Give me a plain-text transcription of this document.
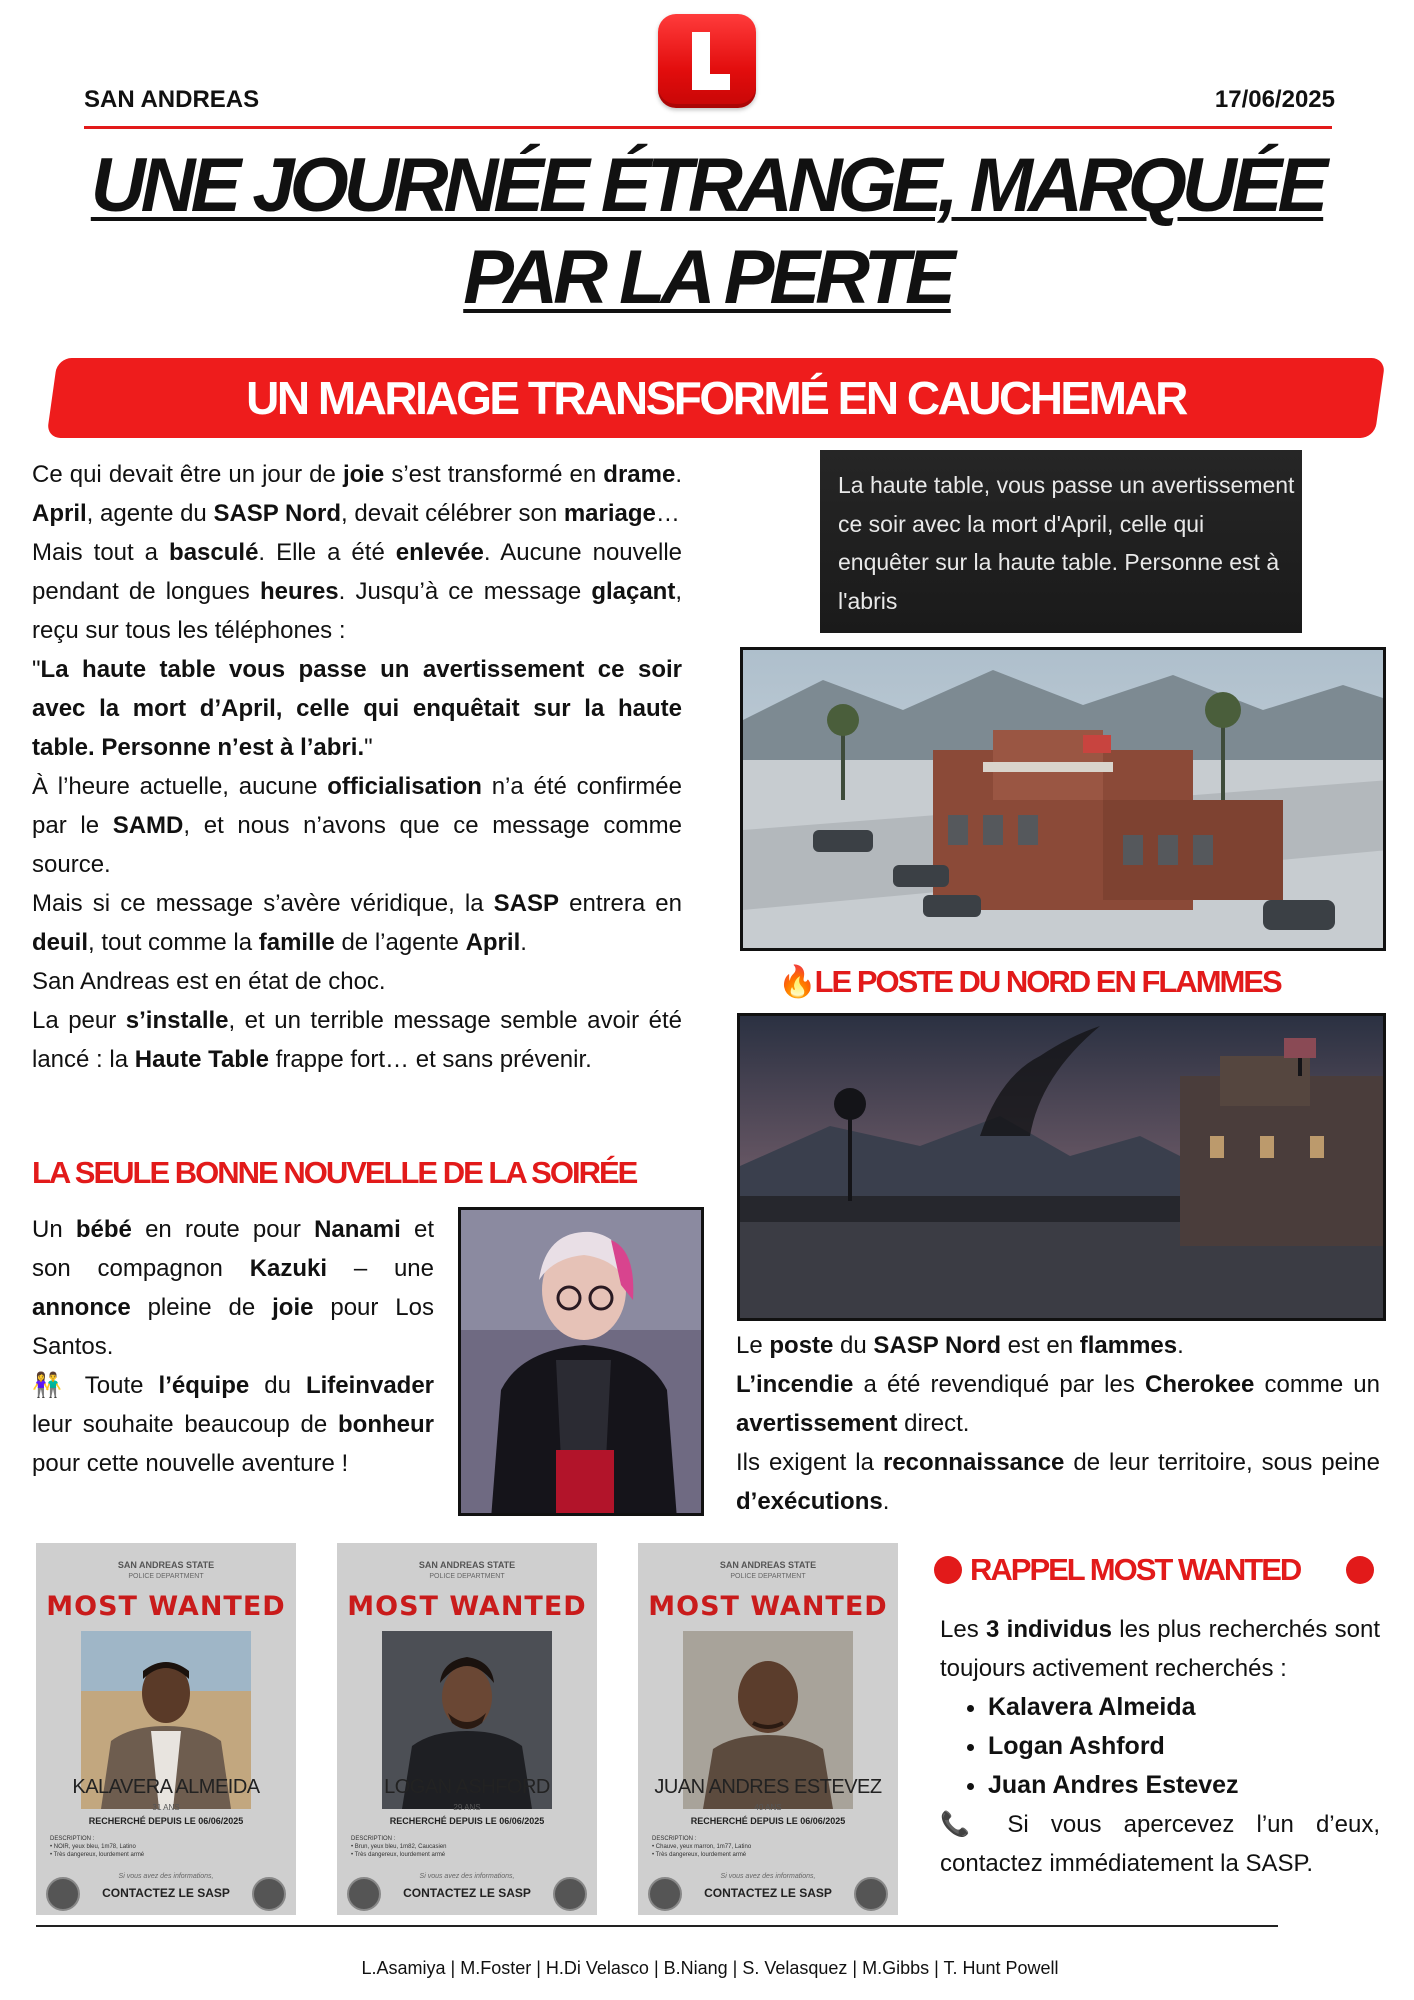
SAN ANDREAS	17/06/2025
UNE JOURNÉE ÉTRANGE, MARQUÉE
PAR LA PERTE
UN MARIAGE TRANSFORMÉ EN CAUCHEMAR

Ce qui devait être un jour de joie s’est transformé en drame. April, agente du SASP Nord, devait célébrer son mariage…

Mais tout a basculé. Elle a été enlevée. Aucune nouvelle pendant de longues heures. Jusqu’à ce message glaçant, reçu sur tous les téléphones :

"La haute table vous passe un avertissement ce soir avec la mort d’April, celle qui enquêtait sur la haute table. Personne n’est à l’abri."

À l’heure actuelle, aucune officialisation n’a été confirmée par le SAMD, et nous n’avons que ce message comme source.

Mais si ce message s’avère véridique, la SASP entrera en deuil, tout comme la famille de l’agente April.

San Andreas est en état de choc.

La peur s’installe, et un terrible message semble avoir été lancé : la Haute Table frappe fort… et sans prévenir.

La haute table, vous passe un avertissement ce soir avec la mort d'April, celle qui enquêter sur la haute table. Personne est à l'abris
🔥LE POSTE DU NORD EN FLAMMES

Le poste du SASP Nord est en flammes.

L’incendie a été revendiqué par les Cherokee comme un avertissement direct.

Ils exigent la reconnaissance de leur territoire, sous peine d’exécutions.

LA SEULE BONNE NOUVELLE DE LA SOIRÉE

Un bébé en route pour Nanami et son compagnon Kazuki – une annonce pleine de joie pour Los Santos.

👫 Toute l’équipe du Lifeinvader leur souhaite beaucoup de bonheur pour cette nouvelle aventure !

SAN ANDREAS STATE
POLICE DEPARTMENT
MOST WANTED
KALAVERA ALMEIDA
31 ANS
RECHERCHÉ DEPUIS LE 06/06/2025
DESCRIPTION :
• NOIR, yeux bleu, 1m78, Latino
• Très dangereux, lourdement armé
Si vous avez des informations,
CONTACTEZ LE SASP
SAN ANDREAS STATE
POLICE DEPARTMENT
MOST WANTED
LOGAN ASHFORD
29 ANS
RECHERCHÉ DEPUIS LE 06/06/2025
DESCRIPTION :
• Brun, yeux bleu, 1m82, Caucasien
• Très dangereux, lourdement armé
Si vous avez des informations,
CONTACTEZ LE SASP
SAN ANDREAS STATE
POLICE DEPARTMENT
MOST WANTED
JUAN ANDRES ESTEVEZ
40 ANS
RECHERCHÉ DEPUIS LE 06/06/2025
DESCRIPTION :
• Chauve, yeux marron, 1m77, Latino
• Très dangereux, lourdement armé
Si vous avez des informations,
CONTACTEZ LE SASP
RAPPEL MOST WANTED

Les 3 individus les plus recherchés sont toujours activement recherchés :

• Kalavera Almeida
• Logan Ashford
• Juan Andres Estevez

📞 Si vous apercevez l’un d’eux, contactez immédiatement la SASP.

L.Asamiya | M.Foster | H.Di Velasco | B.Niang | S. Velasquez | M.Gibbs | T. Hunt Powell
